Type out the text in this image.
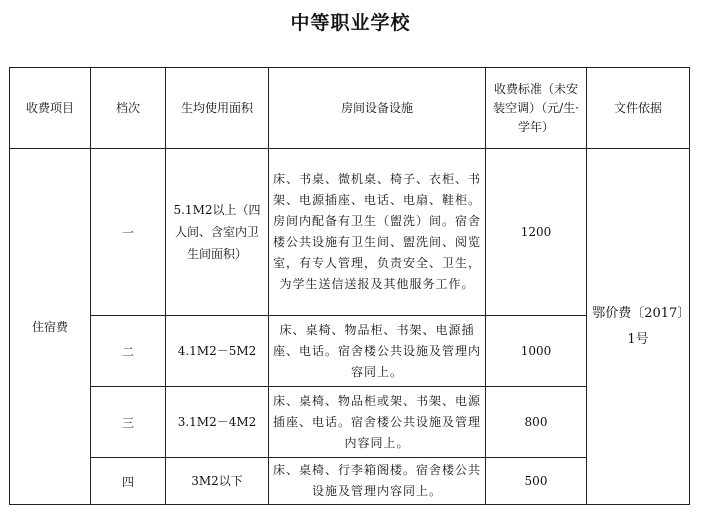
中等职业学校
收费项目	档次	生均使用面积	房间设备设施	收费标准（未安装空调）（元/生·学年）	文件依据
住宿费	一	5.1M2以上（四人间、含室内卫生间面积）	床、书桌、微机桌、椅子、衣柜、书架、电源插座、电话、电扇、鞋柜。房间内配备有卫生（盥洗）间。宿舍楼公共设施有卫生间、盥洗间、阅览室，有专人管理，负责安全、卫生，为学生送信送报及其他服务工作。	1200	鄂价费〔2017〕1号
	二	4.1M2－5M2	床、桌椅、物品柜、书架、电源插座、电话。宿舍楼公共设施及管理内容同上。	1000	
	三	3.1M2－4M2	床、桌椅、物品柜或架、书架、电源插座、电话。宿舍楼公共设施及管理内容同上。	800	
	四	3M2以下	床、桌椅、行李箱阁楼。宿舍楼公共设施及管理内容同上。	500	
